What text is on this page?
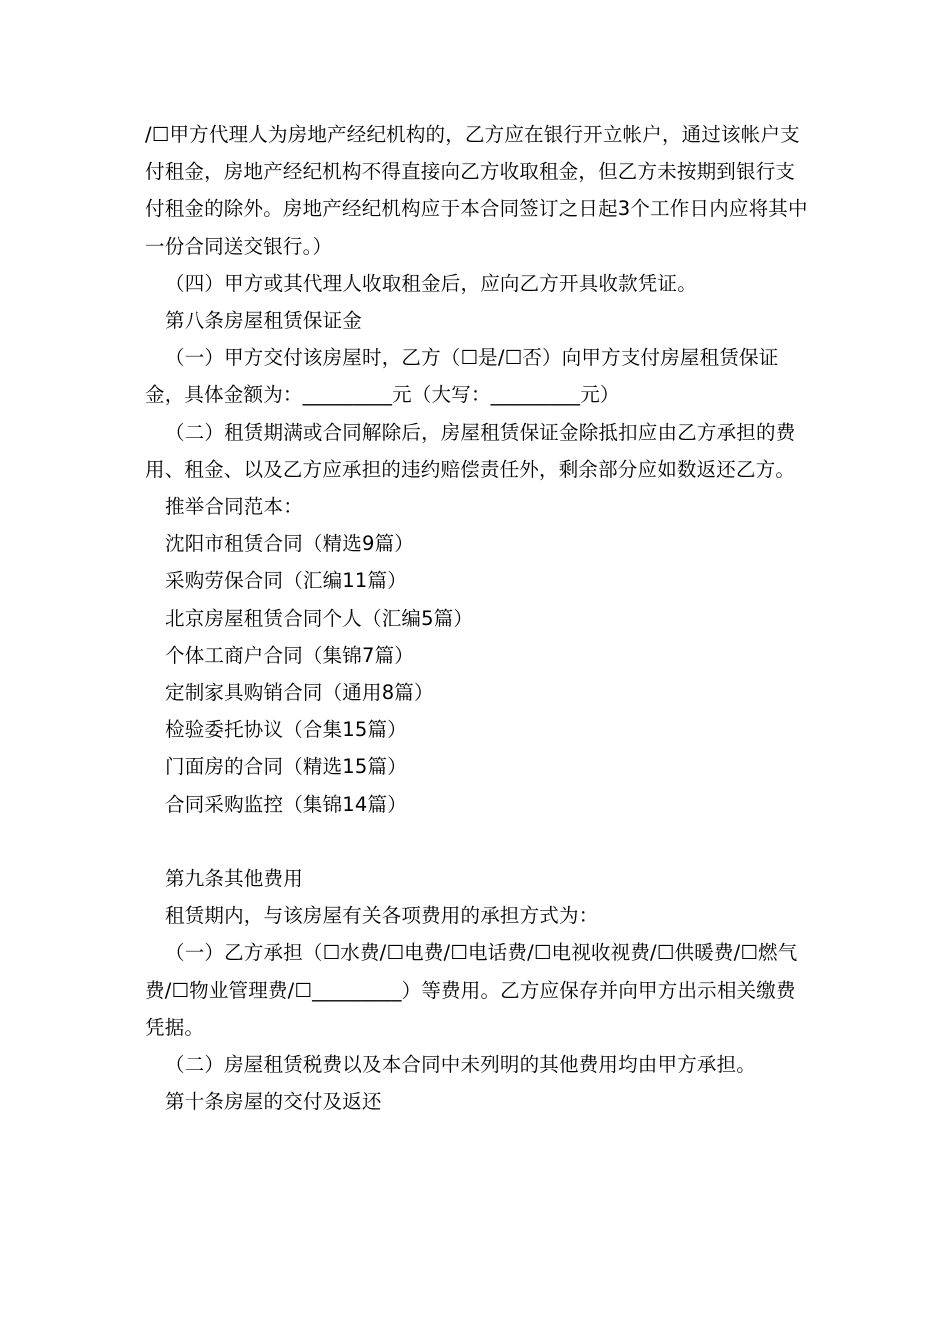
/☐甲方代理人为房地产经纪机构的，乙方应在银行开立帐户，通过该帐户支付租金，房地产经纪机构不得直接向乙方收取租金，但乙方未按期到银行支付租金的除外。房地产经纪机构应于本合同签订之日起3个工作日内应将其中一份合同送交银行。）

（四）甲方或其代理人收取租金后，应向乙方开具收款凭证。

第八条房屋租赁保证金

（一）甲方交付该房屋时，乙方（☐是/☐否）向甲方支付房屋租赁保证金，具体金额为：_________元（大写：_________元）

（二）租赁期满或合同解除后，房屋租赁保证金除抵扣应由乙方承担的费用、租金、以及乙方应承担的违约赔偿责任外，剩余部分应如数返还乙方。

推举合同范本：

沈阳市租赁合同（精选9篇）

采购劳保合同（汇编11篇）

北京房屋租赁合同个人（汇编5篇）

个体工商户合同（集锦7篇）

定制家具购销合同（通用8篇）

检验委托协议（合集15篇）

门面房的合同（精选15篇）

合同采购监控（集锦14篇）

第九条其他费用

租赁期内，与该房屋有关各项费用的承担方式为：

（一）乙方承担（☐水费/☐电费/☐电话费/☐电视收视费/☐供暖费/☐燃气费/☐物业管理费/☐_________）等费用。乙方应保存并向甲方出示相关缴费凭据。

（二）房屋租赁税费以及本合同中未列明的其他费用均由甲方承担。

第十条房屋的交付及返还
